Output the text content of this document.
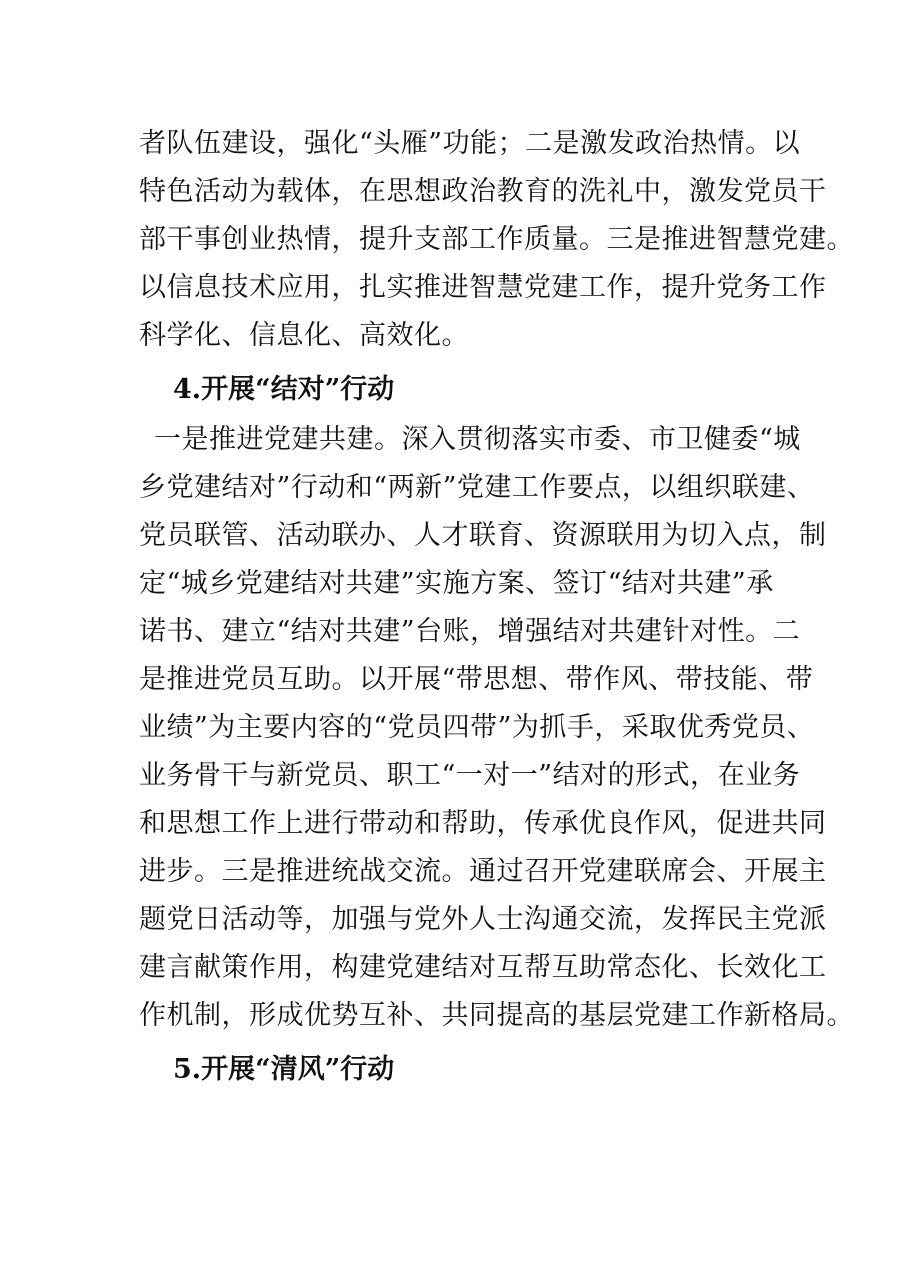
者队伍建设，强化“头雁”功能；二是激发政治热情。以
特色活动为载体，在思想政治教育的洗礼中，激发党员干
部干事创业热情，提升支部工作质量。三是推进智慧党建。
以信息技术应用，扎实推进智慧党建工作，提升党务工作
科学化、信息化、高效化。
4.开展“结对”行动
一是推进党建共建。深入贯彻落实市委、市卫健委“城
乡党建结对”行动和“两新”党建工作要点，以组织联建、
党员联管、活动联办、人才联育、资源联用为切入点，制
定“城乡党建结对共建”实施方案、签订“结对共建”承
诺书、建立“结对共建”台账，增强结对共建针对性。二
是推进党员互助。以开展“带思想、带作风、带技能、带
业绩”为主要内容的“党员四带”为抓手，采取优秀党员、
业务骨干与新党员、职工“一对一”结对的形式，在业务
和思想工作上进行带动和帮助，传承优良作风，促进共同
进步。三是推进统战交流。通过召开党建联席会、开展主
题党日活动等，加强与党外人士沟通交流，发挥民主党派
建言献策作用，构建党建结对互帮互助常态化、长效化工
作机制，形成优势互补、共同提高的基层党建工作新格局。
5.开展“清风”行动
